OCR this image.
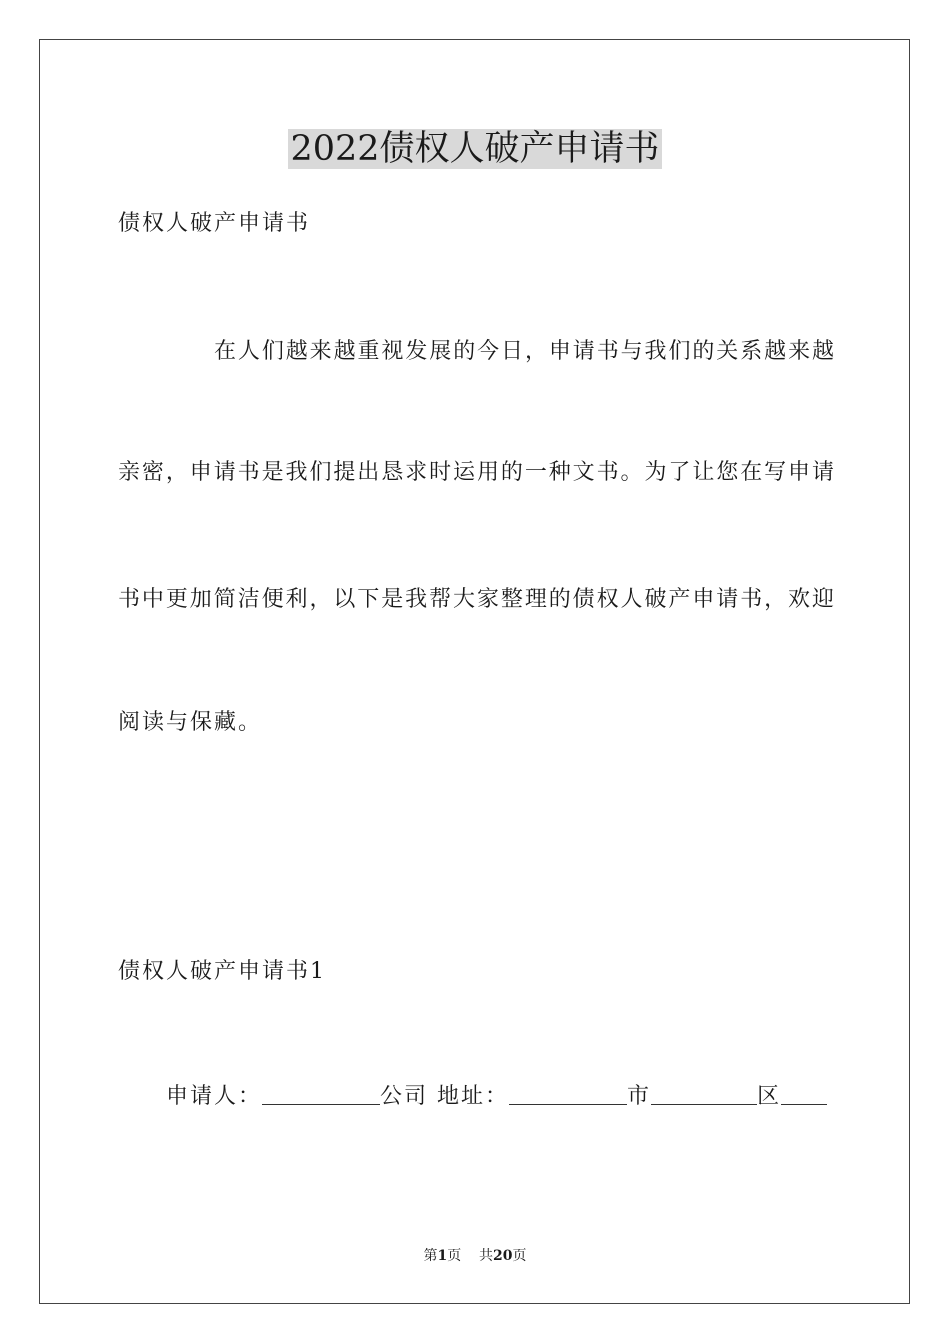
2022债权人破产申请书
债权人破产申请书
在人们越来越重视发展的今日，申请书与我们的关系越来越
亲密，申请书是我们提出恳求时运用的一种文书。为了让您在写申请
书中更加简洁便利，以下是我帮大家整理的债权人破产申请书，欢迎
阅读与保藏。
债权人破产申请书1
申请人：	公司 地址：	市	区
第1页 共20页
